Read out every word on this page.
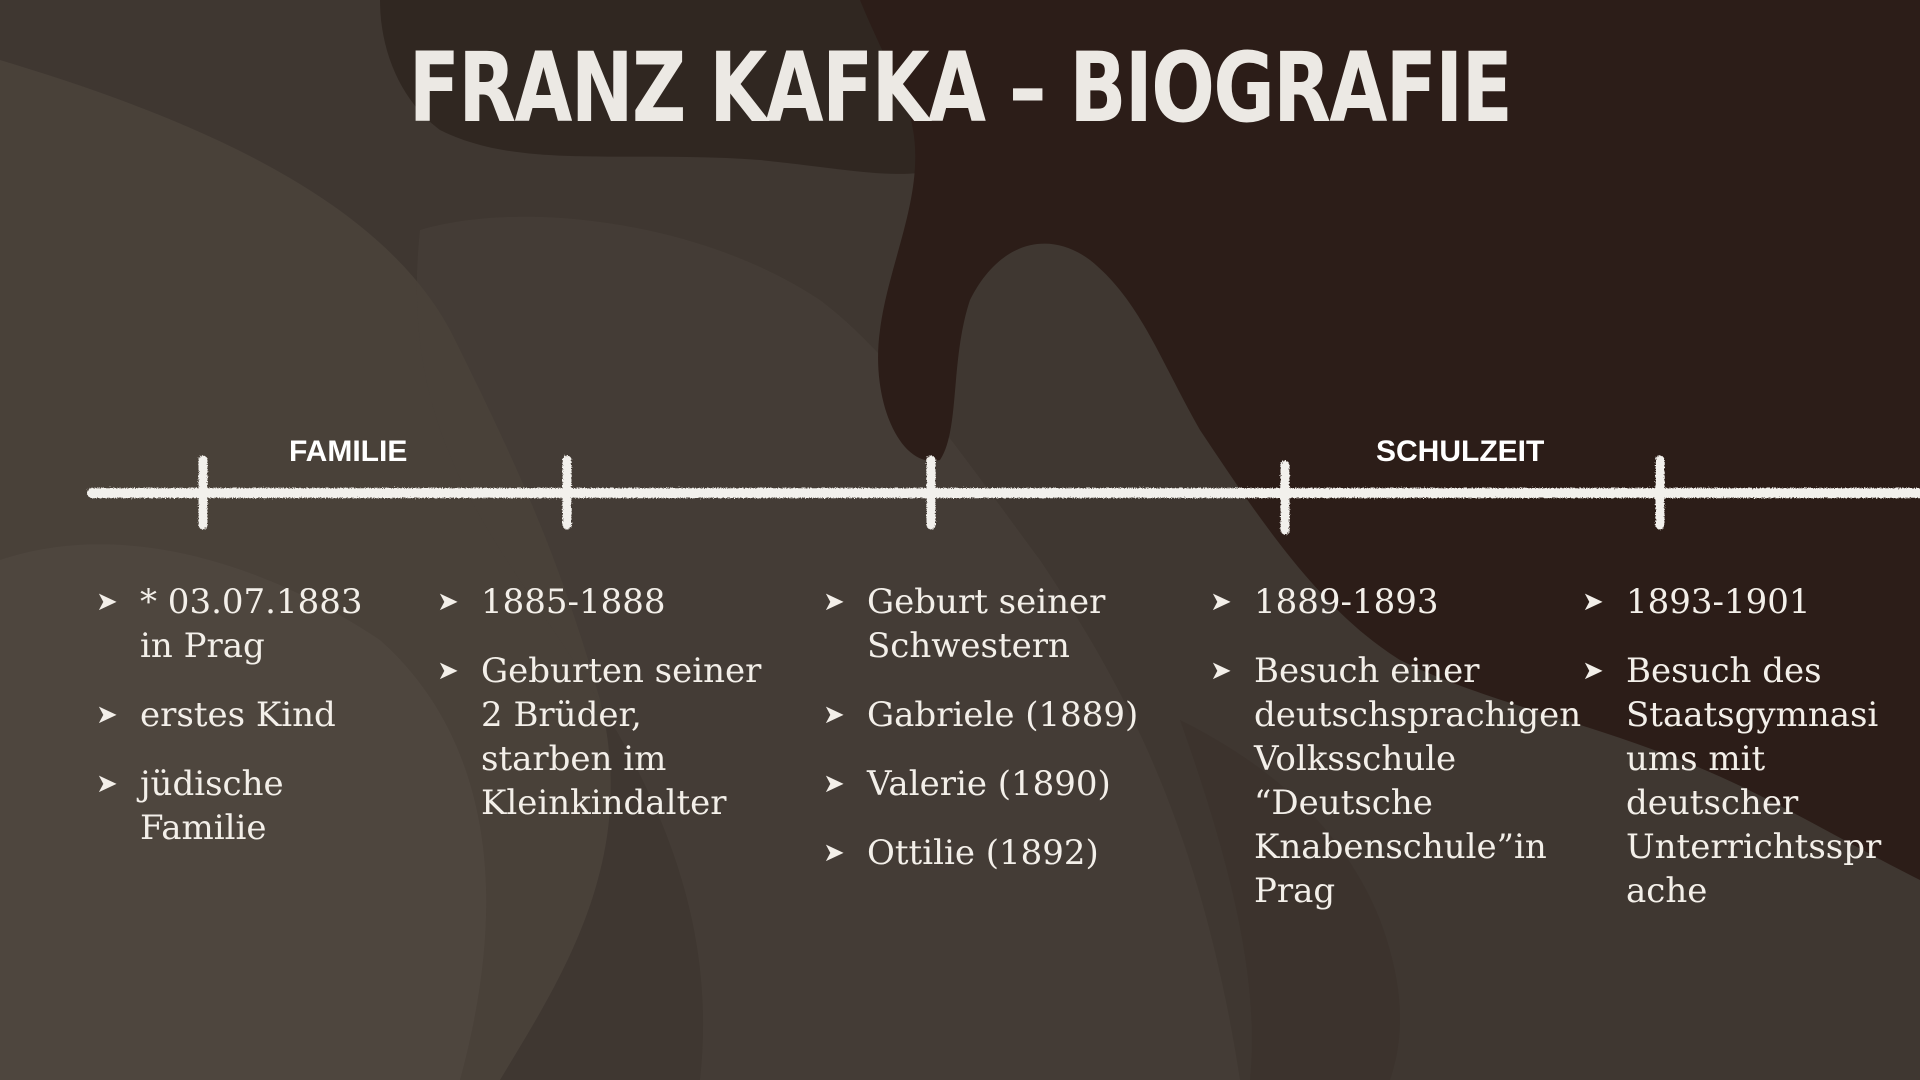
FRANZ KAFKA – BIOGRAFIE
FAMILIE	SCHULZEIT
➤ * 03.07.1883
in Prag
➤ erstes Kind
➤ jüdische
Familie
➤ 1885-1888
➤ Geburten seiner
2 Brüder,
starben im
Kleinkindalter
➤ Geburt seiner
Schwestern
➤ Gabriele (1889)
➤ Valerie (1890)
➤ Ottilie (1892)
➤ 1889-1893
➤ Besuch einer
deutschsprachigen
Volksschule
“Deutsche
Knabenschule”in
Prag
➤ 1893-1901
➤ Besuch des
Staatsgymnasi
ums mit
deutscher
Unterrichtsspr
ache
